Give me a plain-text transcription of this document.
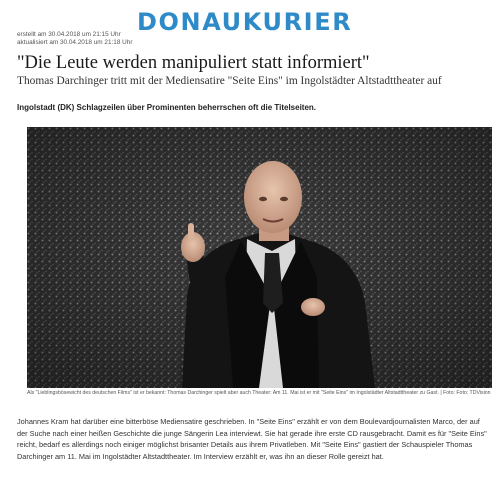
DONAUKURIER
erstellt am 30.04.2018 um 21:15 Uhr
aktualisiert am 30.04.2018 um 21:18 Uhr
"Die Leute werden manipuliert statt informiert"
Thomas Darchinger tritt mit der Mediensatire "Seite Eins" im Ingolstädter Altstadttheater auf

Ingolstadt (DK) Schlagzeilen über Prominenten beherrschen oft die Titelseiten.

Als "Lieblingsbösewicht des deutschen Films" ist er bekannt: Thomas Darchinger spielt aber auch Theater: Am 11. Mai ist er mit "Seite Eins" im Ingolstädter Altstadttheater zu Gast. | Foto: Foto: TDVision

Johannes Kram hat darüber eine bitterböse Mediensatire geschrieben. In "Seite Eins" erzählt er von dem Boulevardjournalisten Marco, der auf der Suche nach einer heißen Geschichte die junge Sängerin Lea interviewt. Sie hat gerade ihre erste CD rausgebracht. Damit es für "Seite Eins" reicht, bedarf es allerdings noch einiger möglichst brisanter Details aus ihrem Privatleben. Mit "Seite Eins" gastiert der Schauspieler Thomas Darchinger am 11. Mai im Ingolstädter Altstadttheater. Im Interview erzählt er, was ihn an dieser Rolle gereizt hat.
